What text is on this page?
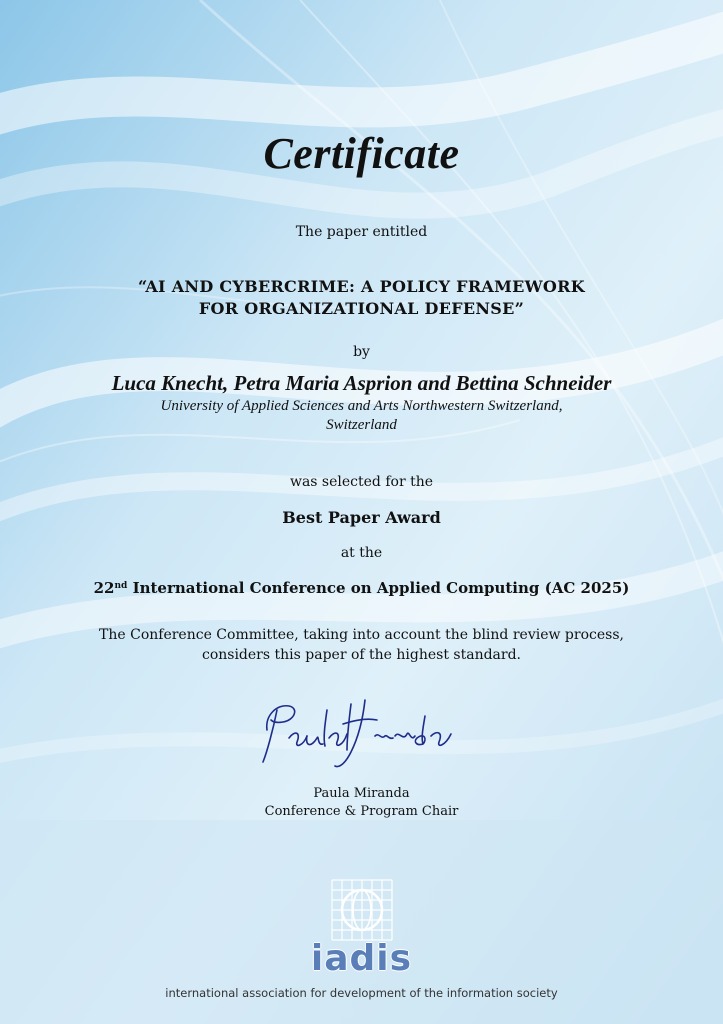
Certificate
The paper entitled
“AI AND CYBERCRIME: A POLICY FRAMEWORK
FOR ORGANIZATIONAL DEFENSE”
by
Luca Knecht, Petra Maria Asprion and Bettina Schneider
University of Applied Sciences and Arts Northwestern Switzerland,
Switzerland
was selected for the
Best Paper Award
at the
22nd International Conference on Applied Computing (AC 2025)
The Conference Committee, taking into account the blind review process,
considers this paper of the highest standard.
Paula Miranda
Conference & Program Chair
iadis
international association for development of the information society
